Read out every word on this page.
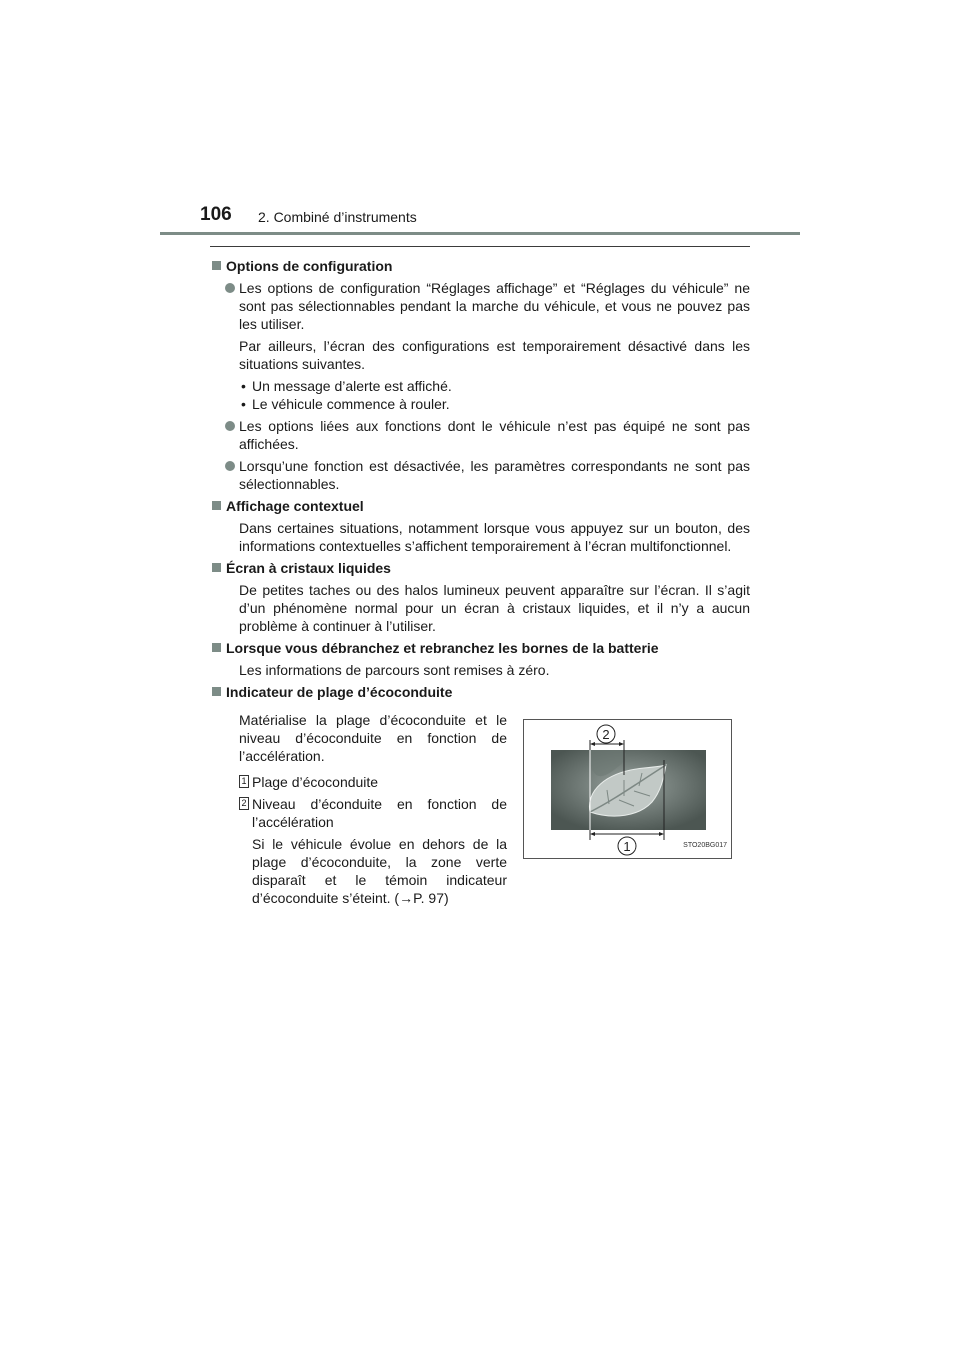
106 2. Combiné d’instruments
Options de configuration
Les options de configuration “Réglages affichage” et “Réglages du véhicule” ne sont pas sélectionnables pendant la marche du véhicule, et vous ne pouvez pas les utiliser.
Par ailleurs, l’écran des configurations est temporairement désactivé dans les situations suivantes.
• Un message d’alerte est affiché.
• Le véhicule commence à rouler.
Les options liées aux fonctions dont le véhicule n’est pas équipé ne sont pas affichées.
Lorsqu’une fonction est désactivée, les paramètres correspondants ne sont pas sélectionnables.
Affichage contextuel
Dans certaines situations, notamment lorsque vous appuyez sur un bouton, des informations contextuelles s’affichent temporairement à l’écran multifonctionnel.
Écran à cristaux liquides
De petites taches ou des halos lumineux peuvent apparaître sur l’écran. Il s’agit d’un phénomène normal pour un écran à cristaux liquides, et il n’y a aucun problème à continuer à l’utiliser.
Lorsque vous débranchez et rebranchez les bornes de la batterie
Les informations de parcours sont remises à zéro.
Indicateur de plage d’écoconduite
Matérialise la plage d’écoconduite et le niveau d’écoconduite en fonction de l’accélération.
1 Plage d’écoconduite
2 Niveau d’éconduite en fonction de l’accélération
Si le véhicule évolue en dehors de la plage d’écoconduite, la zone verte disparaît et le témoin indicateur d’écoconduite s’éteint. (→P. 97)
2
1	STO20BG017
